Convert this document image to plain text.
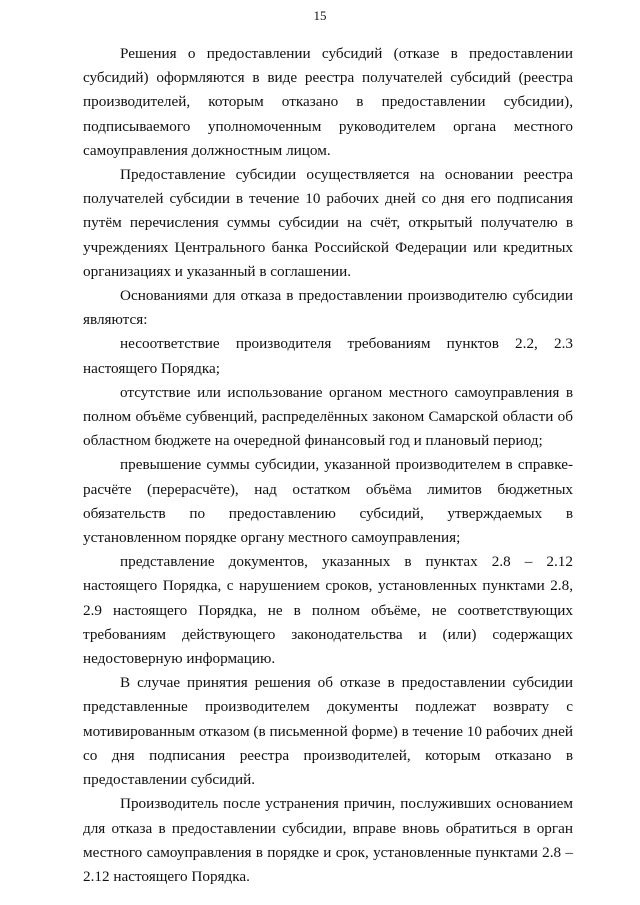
15

Решения о предоставлении субсидий (отказе в предоставлении субсидий) оформляются в виде реестра получателей субсидий (реестра производителей, которым отказано в предоставлении субсидии), подписываемого уполномоченным руководителем органа местного самоуправления должностным лицом.

Предоставление субсидии осуществляется на основании реестра получателей субсидии в течение 10 рабочих дней со дня его подписания путём перечисления суммы субсидии на счёт, открытый получателю в учреждениях Центрального банка Российской Федерации или кредитных организациях и указанный в соглашении.

Основаниями для отказа в предоставлении производителю субсидии являются:

несоответствие производителя требованиям пунктов 2.2, 2.3 настоящего Порядка;

отсутствие или использование органом местного самоуправления в полном объёме субвенций, распределённых законом Самарской области об областном бюджете на очередной финансовый год и плановый период;

превышение суммы субсидии, указанной производителем в справке-расчёте (перерасчёте), над остатком объёма лимитов бюджетных обязательств по предоставлению субсидий, утверждаемых в установленном порядке органу местного самоуправления;

представление документов, указанных в пунктах 2.8 – 2.12 настоящего Порядка, с нарушением сроков, установленных пунктами 2.8, 2.9 настоящего Порядка, не в полном объёме, не соответствующих требованиям действующего законодательства и (или) содержащих недостоверную информацию.

В случае принятия решения об отказе в предоставлении субсидии представленные производителем документы подлежат возврату с мотивированным отказом (в письменной форме) в течение 10 рабочих дней со дня подписания реестра производителей, которым отказано в предоставлении субсидий.

Производитель после устранения причин, послуживших основанием для отказа в предоставлении субсидии, вправе вновь обратиться в орган местного самоуправления в порядке и срок, установленные пунктами 2.8 – 2.12 настоящего Порядка.
